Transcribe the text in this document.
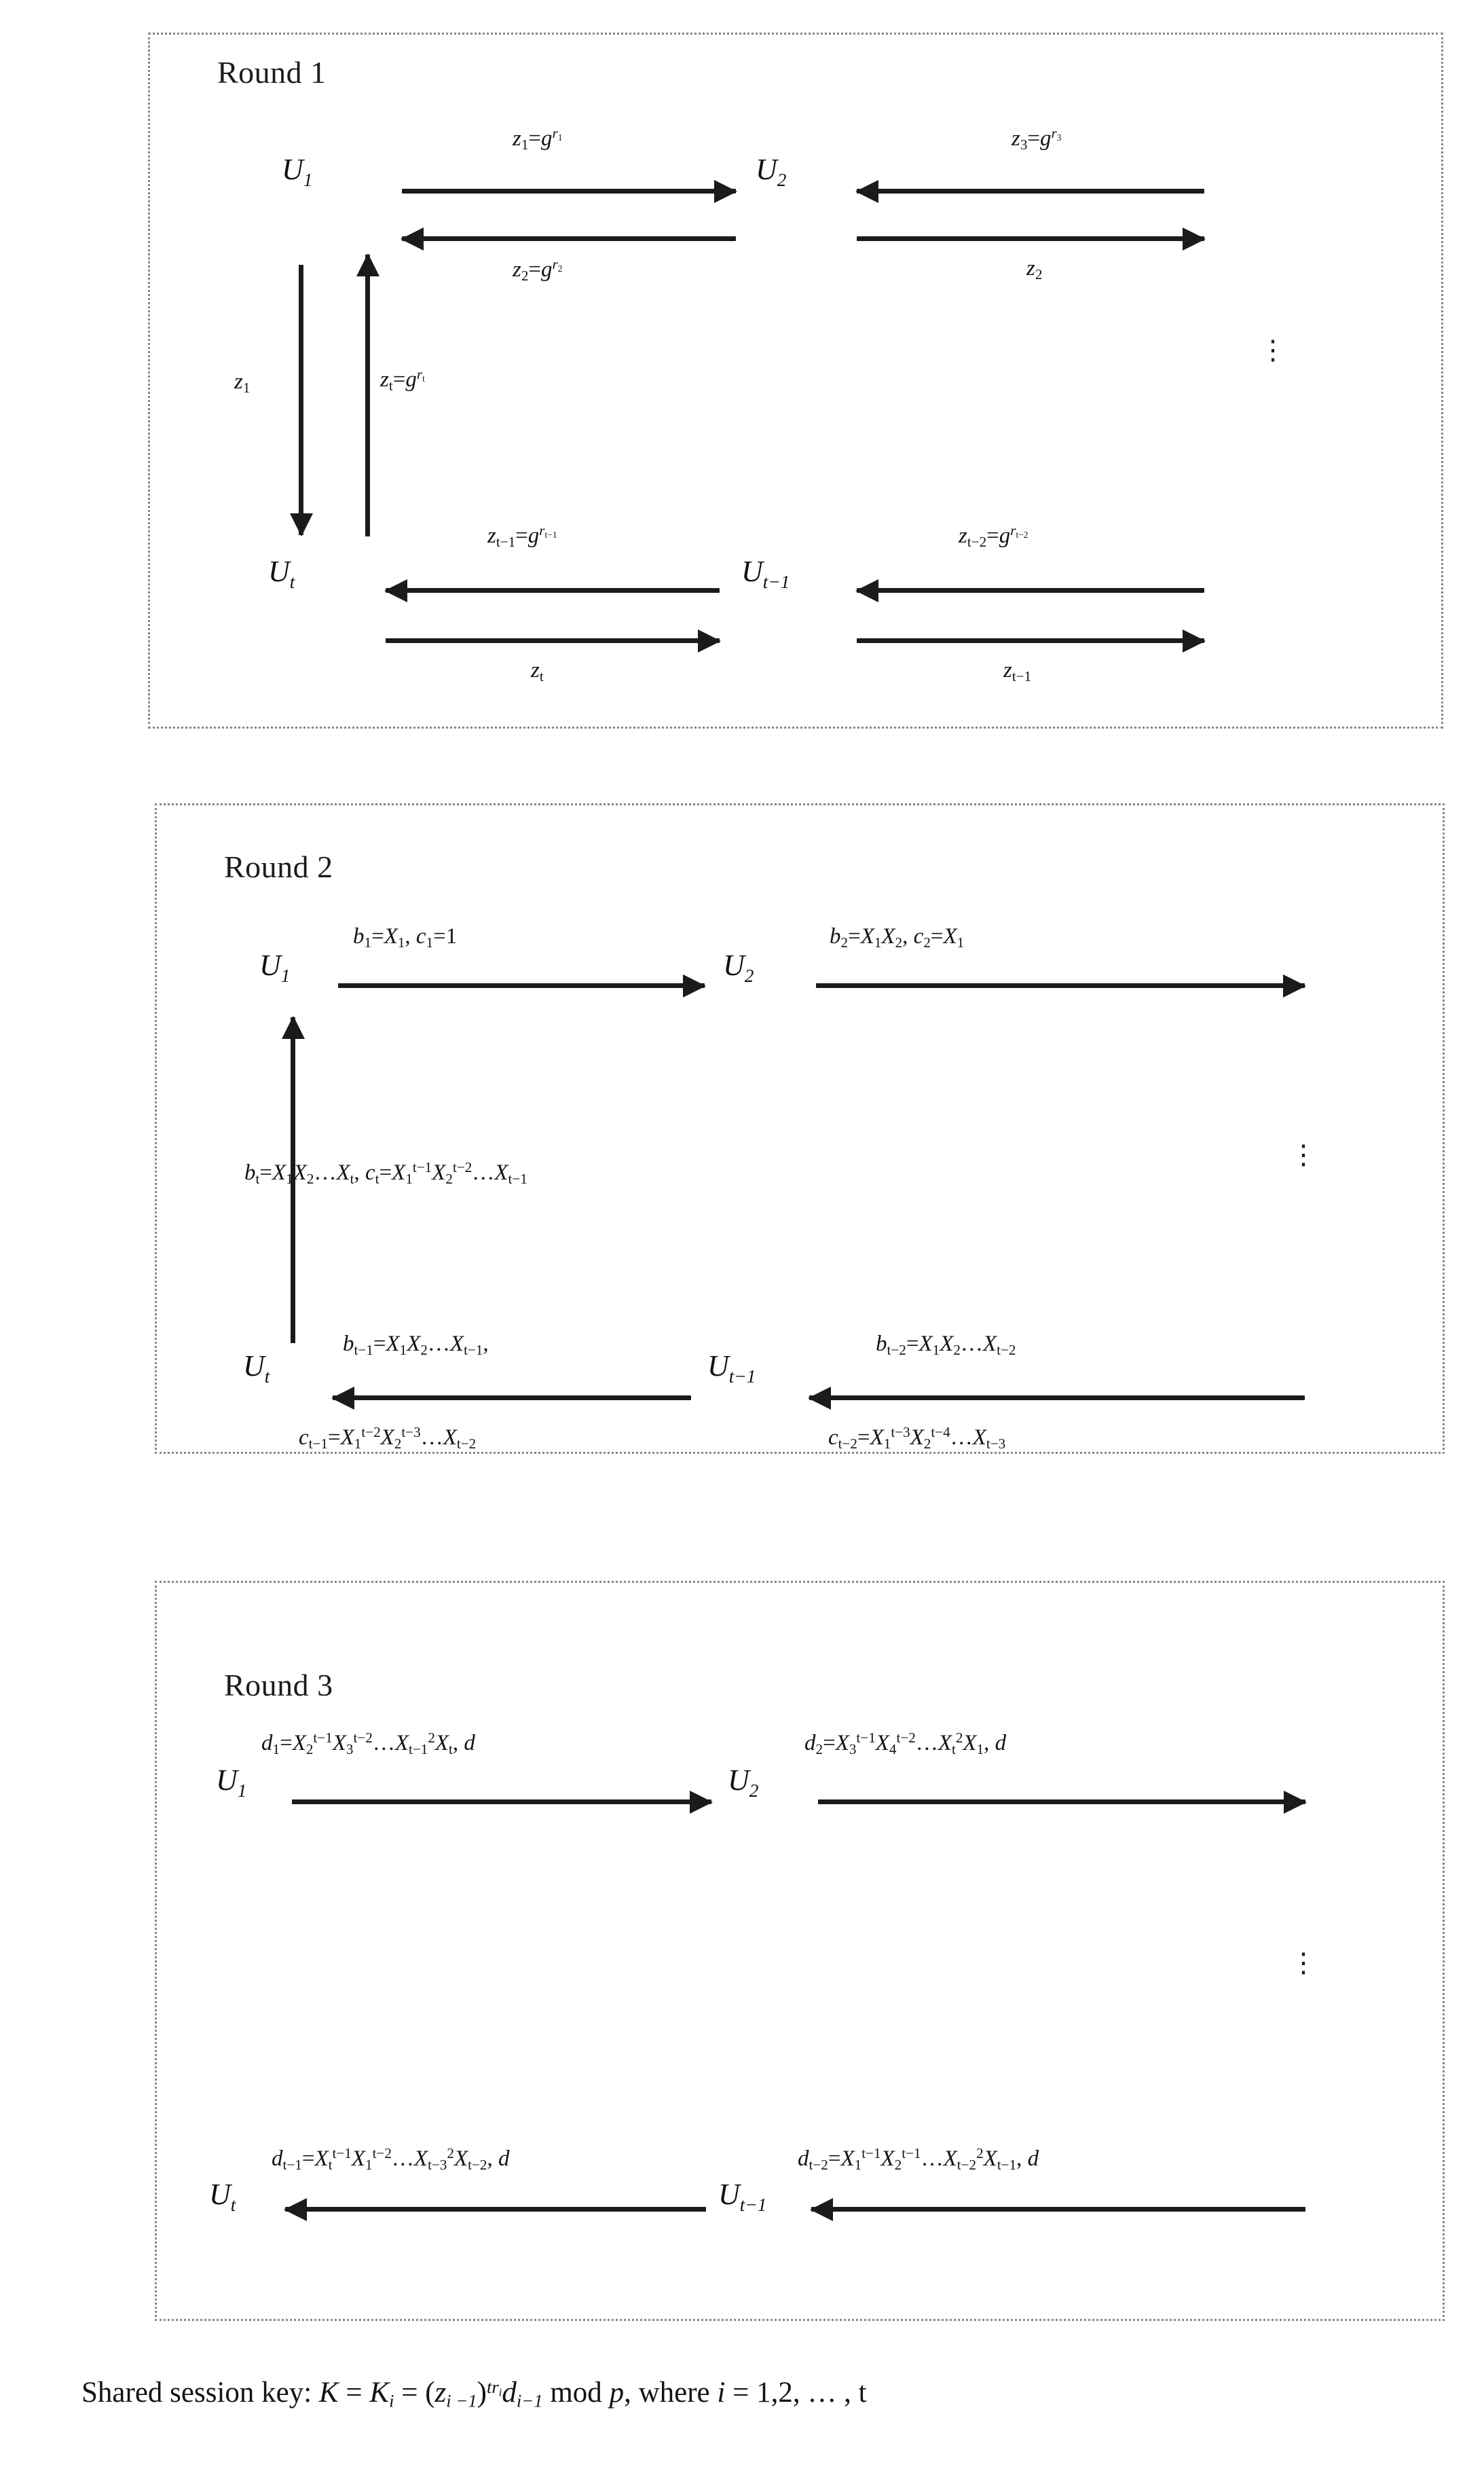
Round 1
$U_1$	$U_2$
$U_t$	$U_{t-1}$
$z_1=g^{r_1}$
$z_2=g^{r_2}$
$z_3=g^{r_3}$
$z_2$
$z_1$	$z_t=g^{r_t}$
$z_{t-1}=g^{r_{t-1}}$
$z_t$
$z_{t-2}=g^{r_{t-2}}$
$z_{t-1}$
⋮
Round 2
$U_1$	$U_2$
$U_t$	$U_{t-1}$
$b_1=X_1$, $c_1=1$	$b_2=X_1X_2$, $c_2=X_1$
$b_t=X_1X_2\dots X_t$, $c_t=X_1^{t-1}X_2^{t-2}\dots X_{t-1}$
$b_{t-1}=X_1X_2\dots X_{t-1}$,
$c_{t-1}=X_1^{t-2}X_2^{t-3}\dots X_{t-2}$
$b_{t-2}=X_1X_2\dots X_{t-2}$
$c_{t-2}=X_1^{t-3}X_2^{t-4}\dots X_{t-3}$
⋮
Round 3
$U_1$	$U_2$
$U_t$	$U_{t-1}$
$d_1=X_2^{t-1}X_3^{t-2}\dots X_{t-1}^2X_t$, d	$d_2=X_3^{t-1}X_4^{t-2}\dots X_t^2X_1$, d
$d_{t-1}=X_t^{t-1}X_1^{t-2}\dots X_{t-3}^2X_{t-2}$, d	$d_{t-2}=X_1^{t-1}X_2^{t-1}\dots X_{t-2}^2X_{t-1}$, d
⋮
Shared session key: $K = K_i = (z_{i -1})^{tr_i}d_{i-1}$ mod p, where i = 1,2, … , t
